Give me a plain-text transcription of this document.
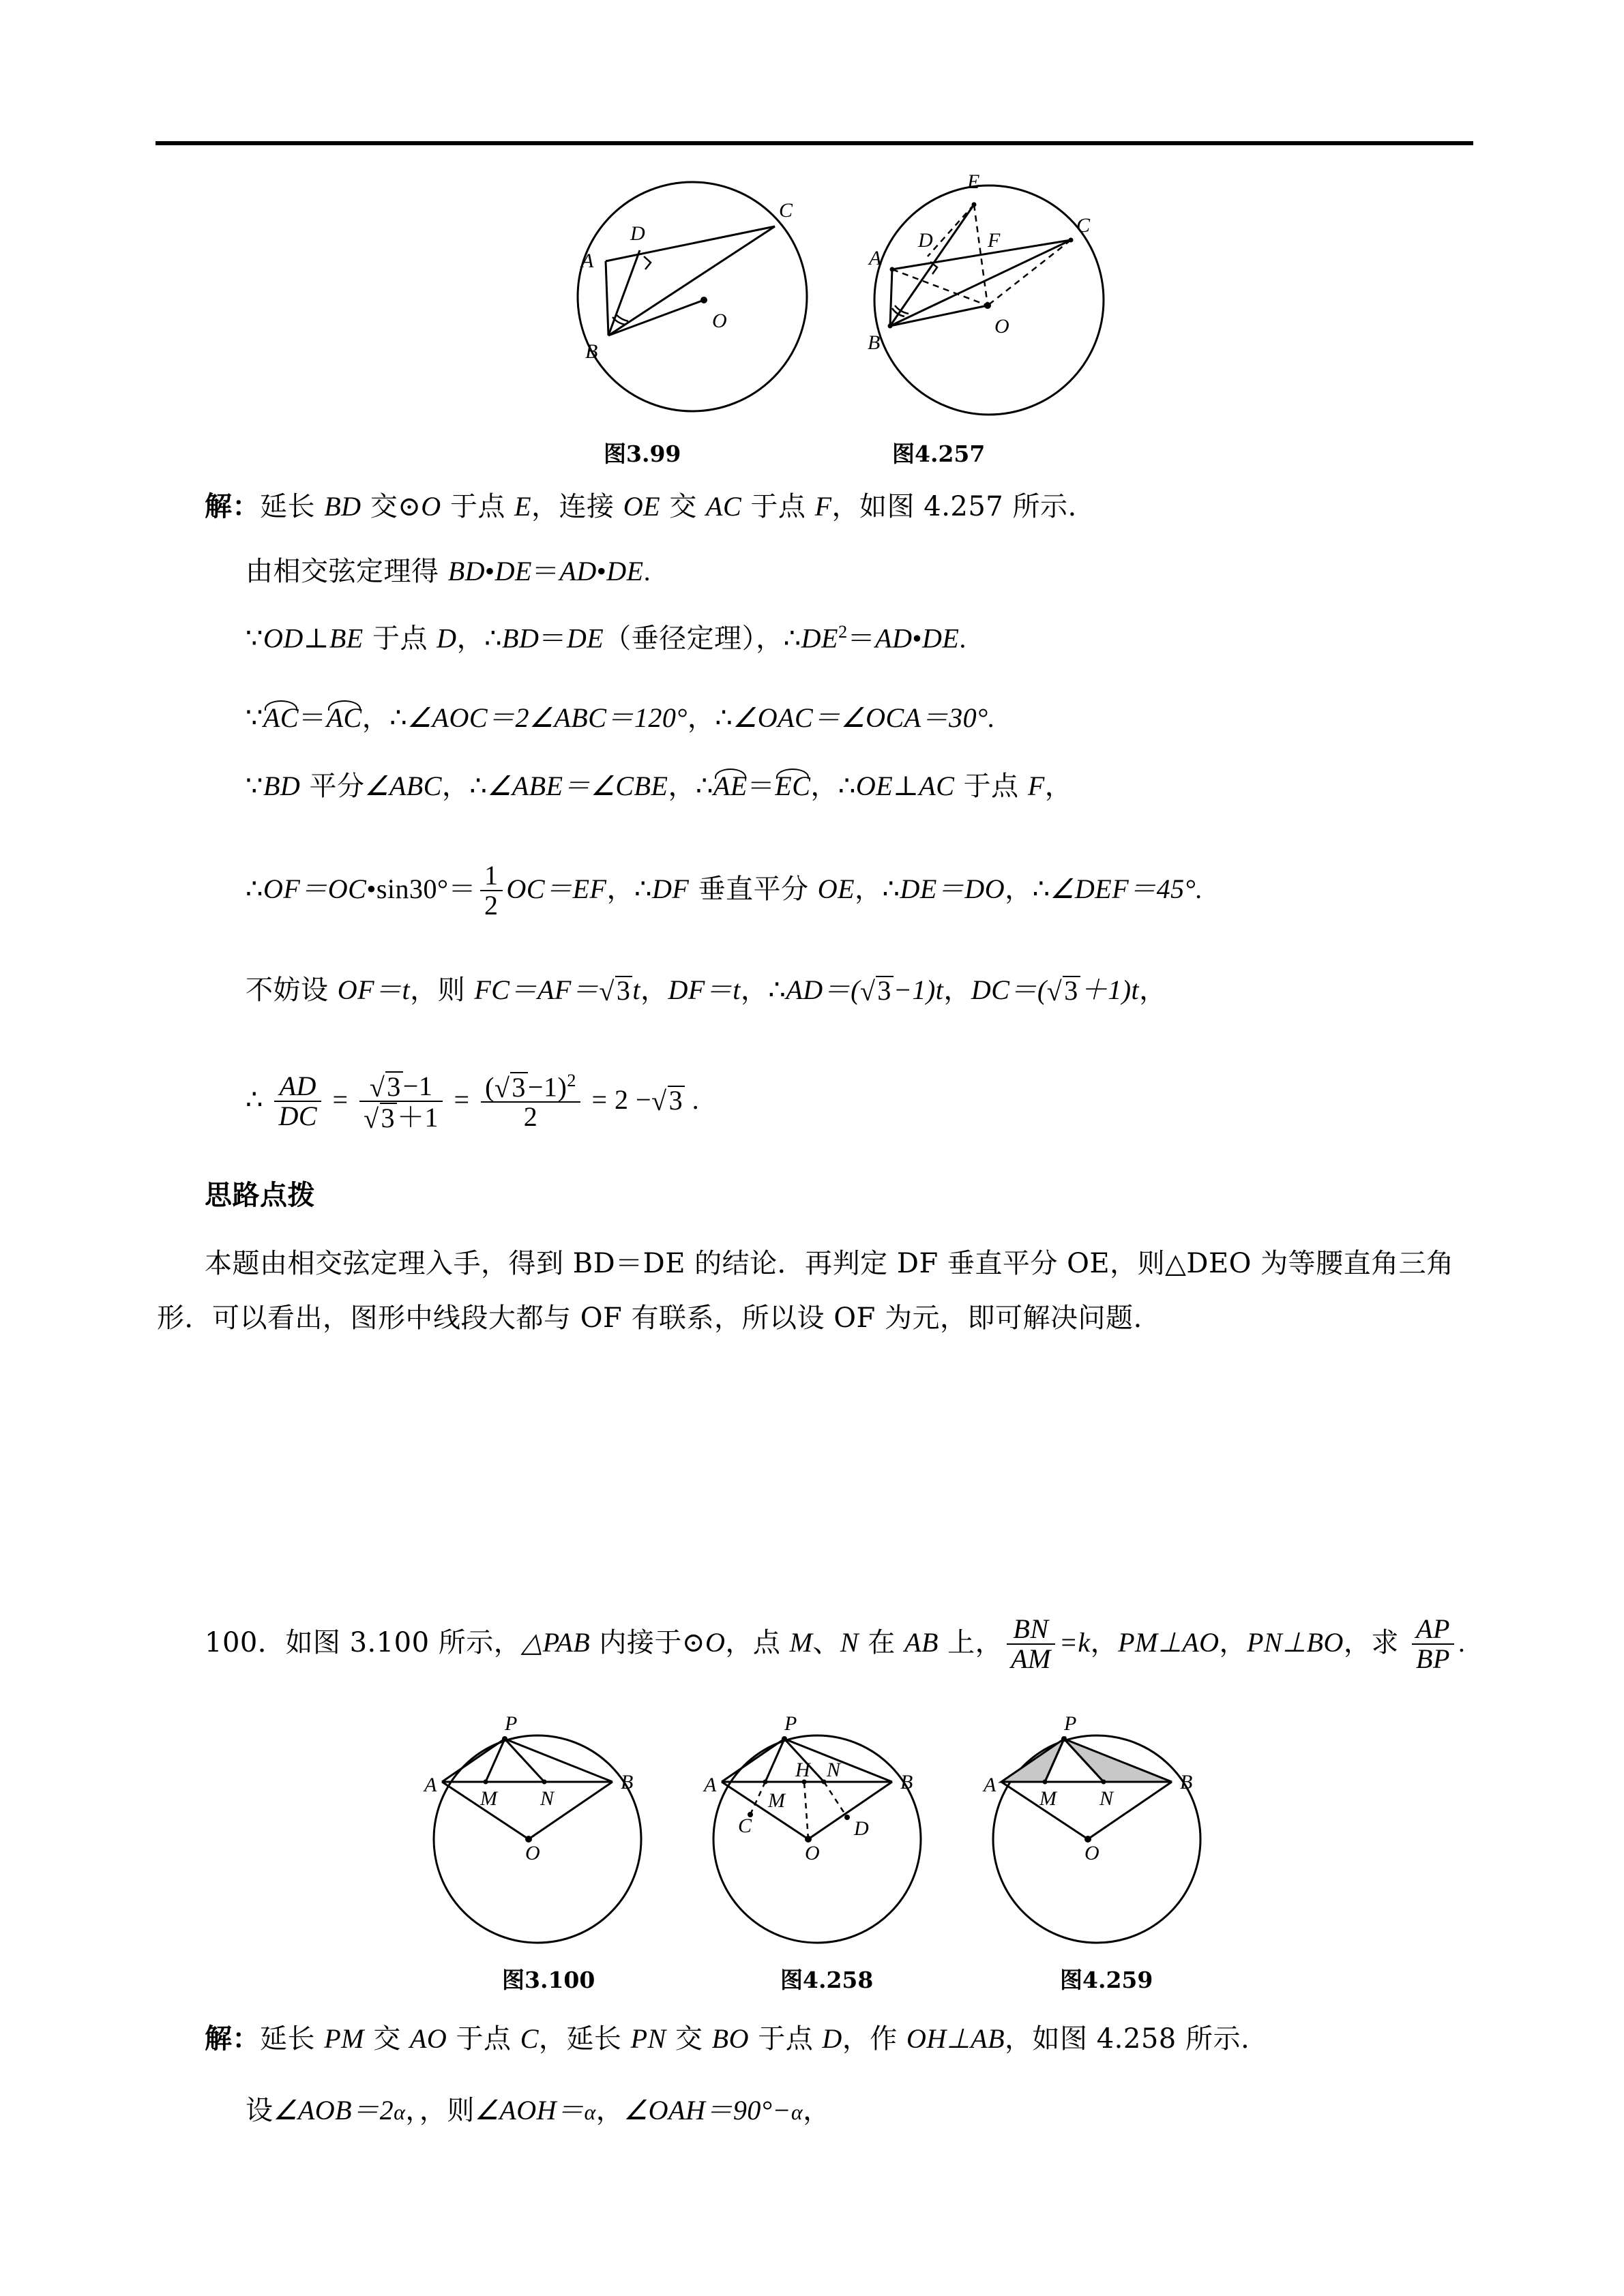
A
B
C
D
O
图3.99
A
B
C
D
E
F
O
图4.257
解：延长 BD 交⊙O 于点 E，连接 OE 交 AC 于点 F，如图 4.257 所示.
由相交弦定理得 BD•DE＝AD•DE.
∵OD⊥BE 于点 D，∴BD＝DE（垂径定理），$\therefore DE^2=AD•DE$.
∵AC＝AC，∴∠AOC＝2∠ABC＝120°，∴∠OAC＝∠OCA＝30°.
∵BD 平分∠ABC，∴∠ABE＝∠CBE，∴AE＝EC，∴OE⊥AC 于点 F，
∴OF＝OC•sin30°＝ $\frac{1}{2} OC=EF$，∴DF 垂直平分 OE，∴DE＝DO，∴∠DEF＝45°.
不妨设 OF＝t，则 FC＝AF＝√3t，DF＝t，∴AD＝(√3−1)t，DC＝(√3＋1)t，
∴ $\frac{AD}{DC} = \frac{√3-1}{√3+1} = \frac{(√3-1)^2}{2} = 2 -√3$ .
思路点拨
本题由相交弦定理入手，得到 BD＝DE 的结论．再判定 DF 垂直平分 OE，则△DEO 为等腰直角三角
形．可以看出，图形中线段大都与 OF 有联系，所以设 OF 为元，即可解决问题.
100．如图 3.100 所示，△PAB 内接于⊙O，点 M、N 在 AB 上， $\frac{BN}{AM} =k$，PM⊥AO，PN⊥BO，求 $\frac{AP}{BP}$ .
P
A	B
M N
O
图3.100
P
A	B
M
N
H
C	D
O
图4.258
P
A	B
M N
O
图4.259
解：延长 PM 交 AO 于点 C，延长 PN 交 BO 于点 D，作 OH⊥AB，如图 4.258 所示.
设∠AOB＝2α，，则∠AOH＝α，∠OAH＝90°−α，
